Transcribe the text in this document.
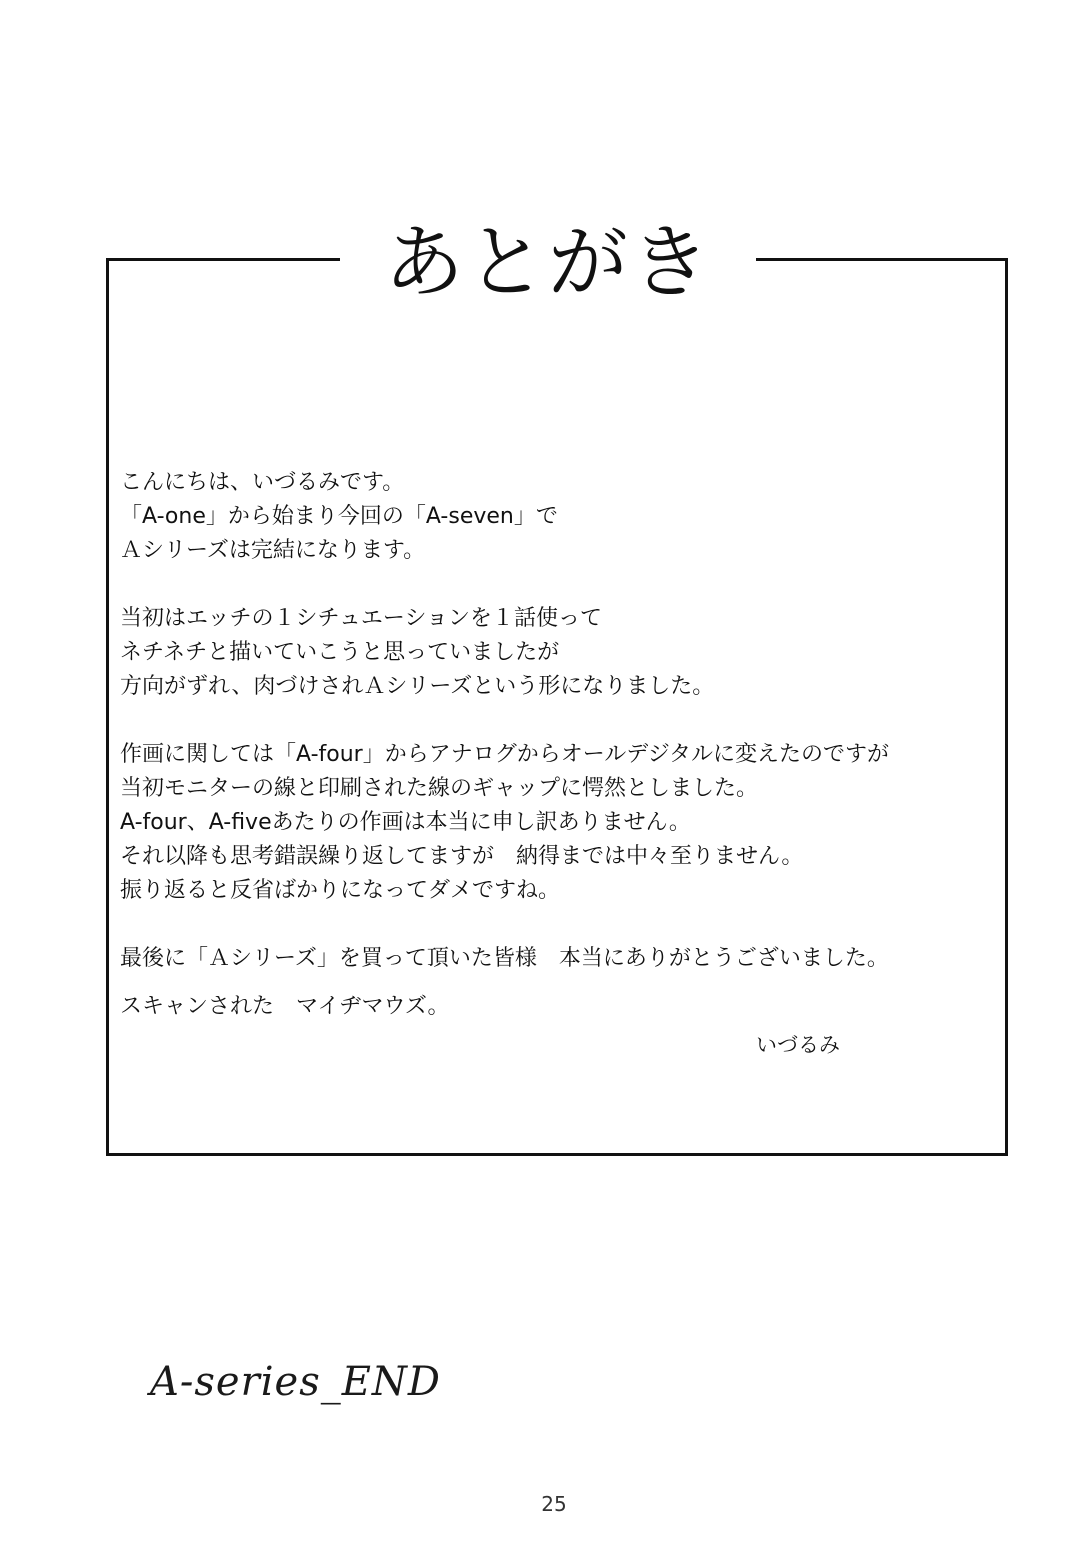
あとがき
こんにちは、いづるみです。
「A-one」から始まり今回の「A-seven」で
Ａシリーズは完結になります。
当初はエッチの１シチュエーションを１話使って
ネチネチと描いていこうと思っていましたが
方向がずれ、肉づけされＡシリーズという形になりました。
作画に関しては「A-four」からアナログからオールデジタルに変えたのですが
当初モニターの線と印刷された線のギャップに愕然としました。
A-four、A-fiveあたりの作画は本当に申し訳ありません。
それ以降も思考錯誤繰り返してますが　納得までは中々至りません。
振り返ると反省ばかりになってダメですね。
最後に「Ａシリーズ」を買って頂いた皆様　本当にありがとうございました。
スキャンされた　マイヂマウズ。
いづるみ
A-series_END
25
